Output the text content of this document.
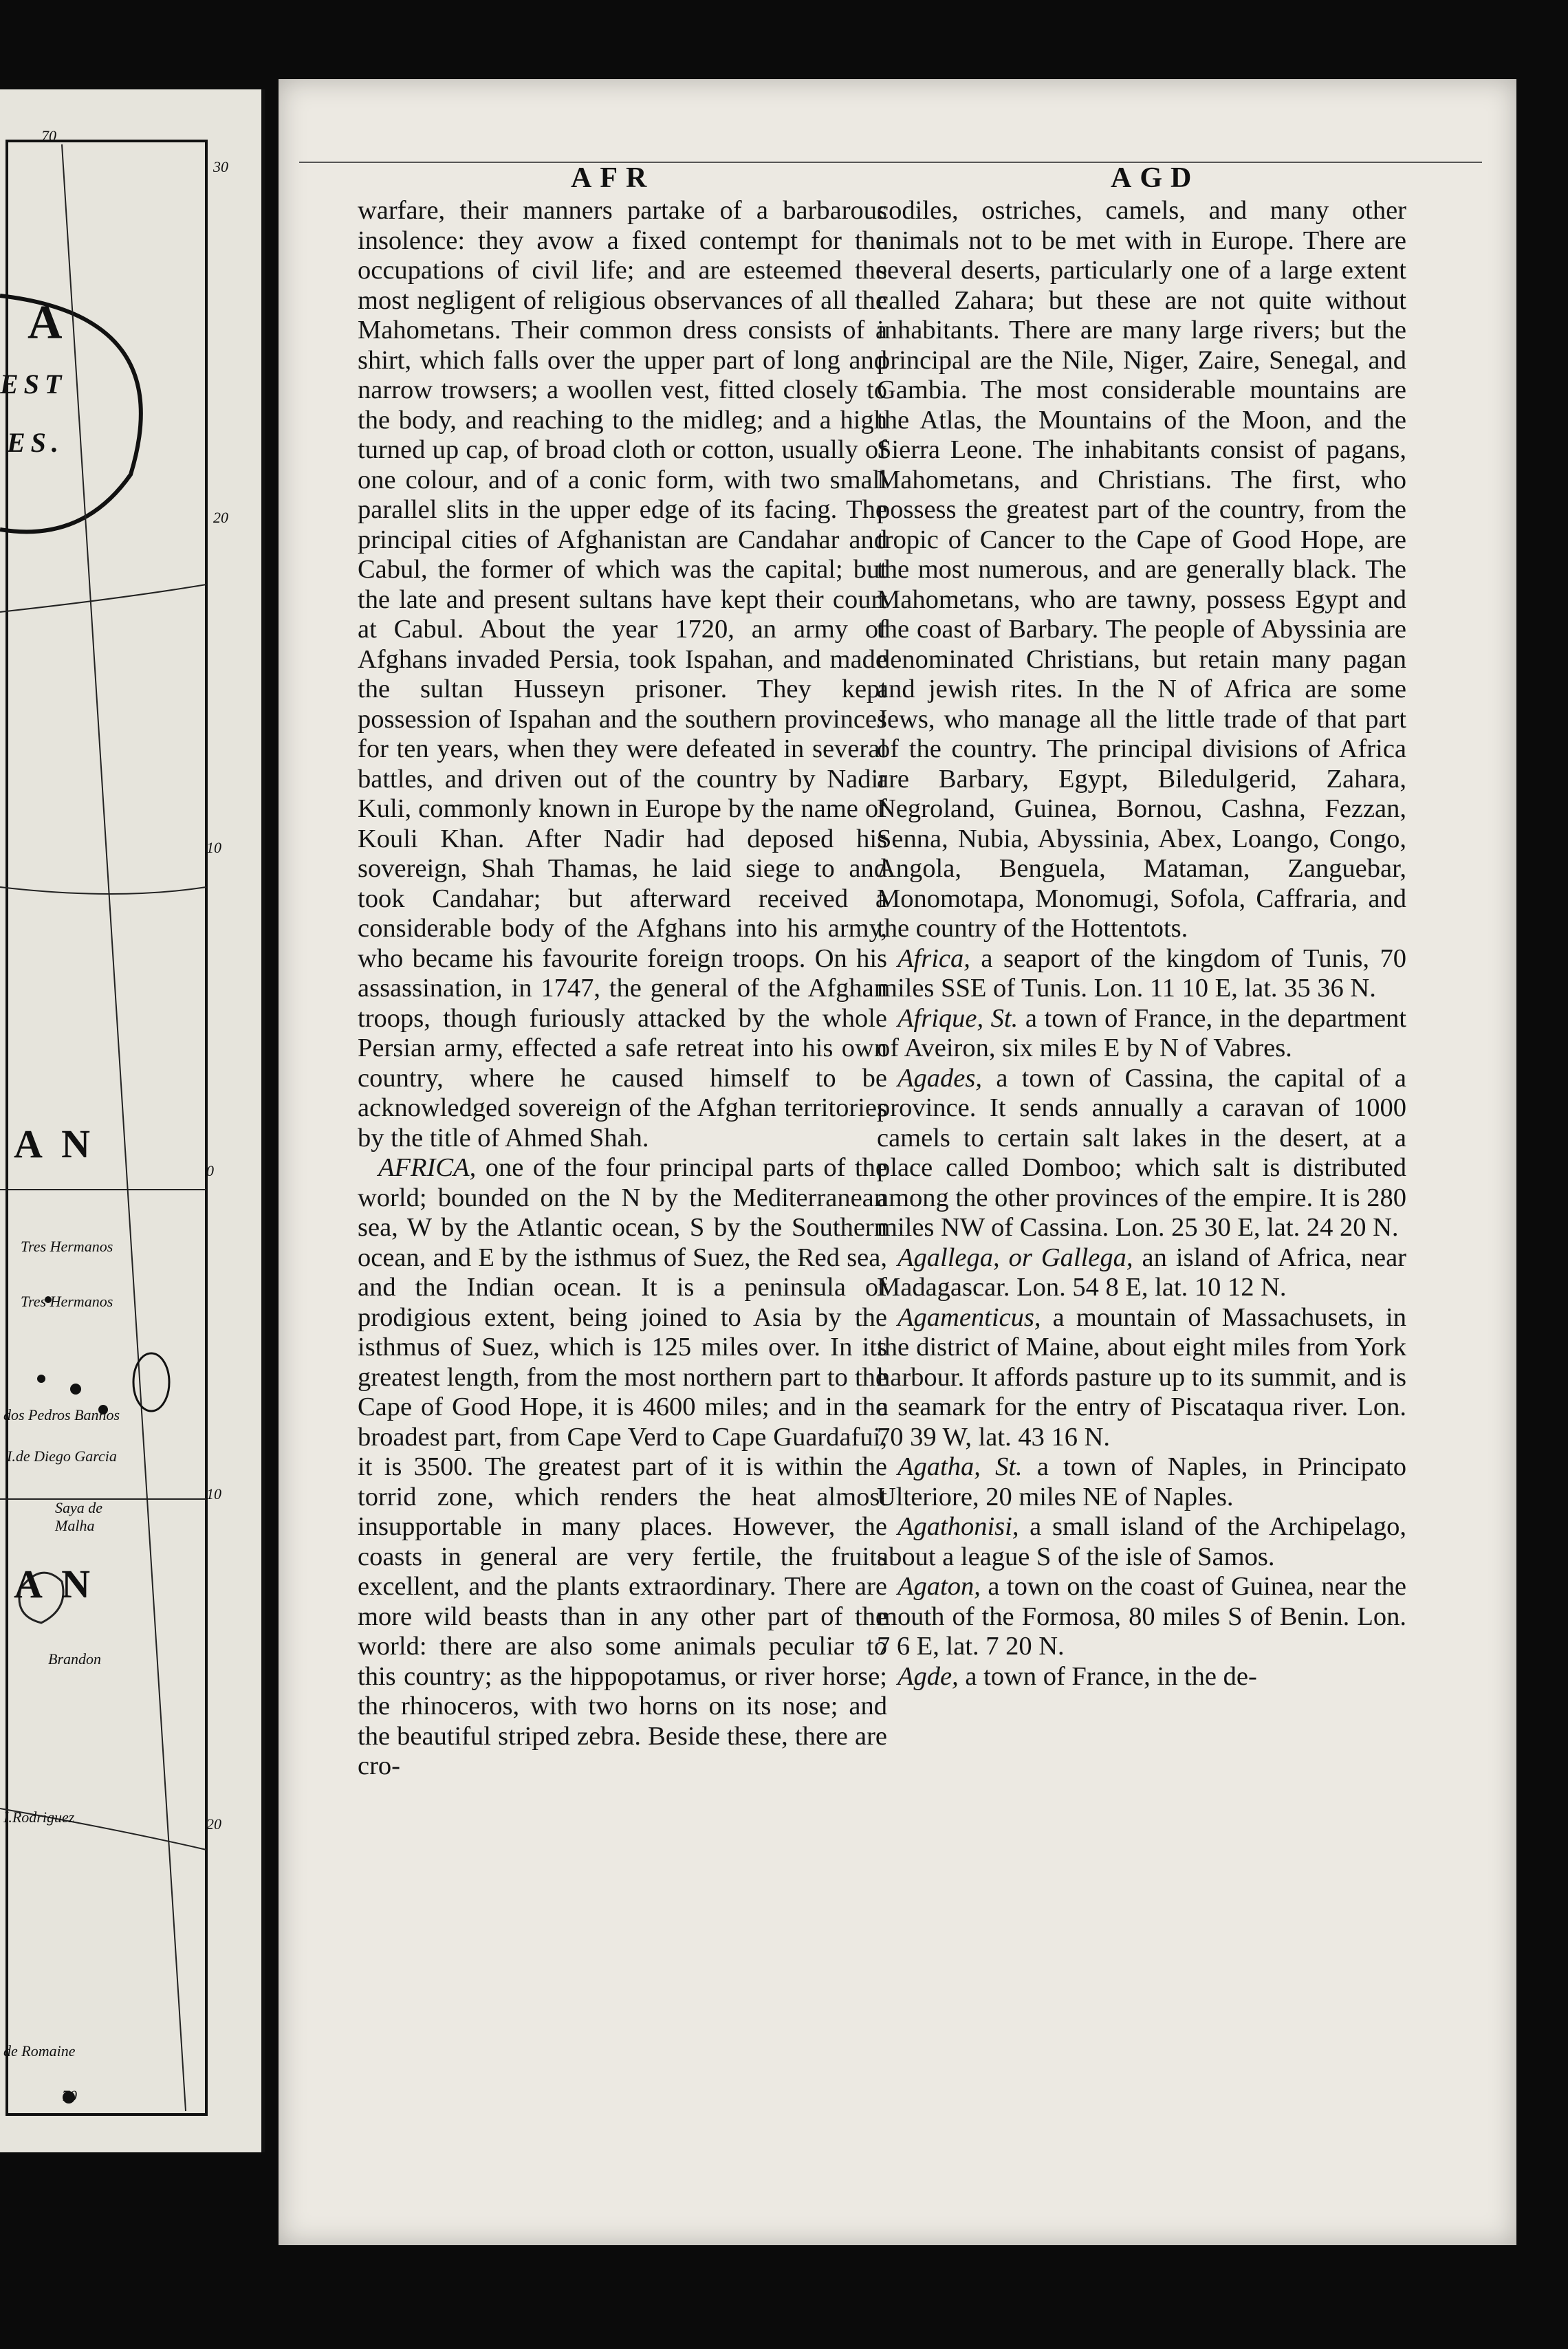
A
EST
ES.
A N
A N
Tres Hermanos
Tres Hermanos
dos Pedros Banhos
I.de Diego Garcia
Saya de Malha
Brandon
I.Rodriguez
de Romaine
70
30
20
10
0
10
20
70
AFR	AGD

warfare, their manners partake of a barbarous insolence: they avow a fixed contempt for the occupations of civil life; and are esteemed the most negligent of religious observances of all the Mahometans. Their common dress consists of a shirt, which falls over the upper part of long and narrow trowsers; a woollen vest, fitted closely to the body, and reaching to the midleg; and a high turned up cap, of broad cloth or cotton, usually of one colour, and of a conic form, with two small parallel slits in the upper edge of its facing. The principal cities of Afghanistan are Candahar and Cabul, the former of which was the capital; but the late and present sultans have kept their court at Cabul. About the year 1720, an army of Afghans invaded Persia, took Ispahan, and made the sultan Husseyn prisoner. They kept possession of Ispahan and the southern provinces for ten years, when they were defeated in several battles, and driven out of the country by Nadir Kuli, commonly known in Europe by the name of Kouli Khan. After Nadir had deposed his sovereign, Shah Thamas, he laid siege to and took Candahar; but afterward received a considerable body of the Afghans into his army, who became his favourite foreign troops. On his assassination, in 1747, the general of the Afghan troops, though furiously attacked by the whole Persian army, effected a safe retreat into his own country, where he caused himself to be acknowledged sovereign of the Afghan territories by the title of Ahmed Shah.

AFRICA, one of the four principal parts of the world; bounded on the N by the Mediterranean sea, W by the Atlantic ocean, S by the Southern ocean, and E by the isthmus of Suez, the Red sea, and the Indian ocean. It is a peninsula of prodigious extent, being joined to Asia by the isthmus of Suez, which is 125 miles over. In its greatest length, from the most northern part to the Cape of Good Hope, it is 4600 miles; and in the broadest part, from Cape Verd to Cape Guardafui, it is 3500. The greatest part of it is within the torrid zone, which renders the heat almost insupportable in many places. However, the coasts in general are very fertile, the fruits excellent, and the plants extraordinary. There are more wild beasts than in any other part of the world: there are also some animals peculiar to this country; as the hippopotamus, or river horse; the rhinoceros, with two horns on its nose; and the beautiful striped zebra. Beside these, there are cro-

codiles, ostriches, camels, and many other animals not to be met with in Europe. There are several deserts, particularly one of a large extent called Zahara; but these are not quite without inhabitants. There are many large rivers; but the principal are the Nile, Niger, Zaire, Senegal, and Gambia. The most considerable mountains are the Atlas, the Mountains of the Moon, and the Sierra Leone. The inhabitants consist of pagans, Mahometans, and Christians. The first, who possess the greatest part of the country, from the tropic of Cancer to the Cape of Good Hope, are the most numerous, and are generally black. The Mahometans, who are tawny, possess Egypt and the coast of Barbary. The people of Abyssinia are denominated Christians, but retain many pagan and jewish rites. In the N of Africa are some Jews, who manage all the little trade of that part of the country. The principal divisions of Africa are Barbary, Egypt, Biledulgerid, Zahara, Negroland, Guinea, Bornou, Cashna, Fezzan, Senna, Nubia, Abyssinia, Abex, Loango, Congo, Angola, Benguela, Mataman, Zanguebar, Monomotapa, Monomugi, Sofola, Caffraria, and the country of the Hottentots.

Africa, a seaport of the kingdom of Tunis, 70 miles SSE of Tunis. Lon. 11 10 E, lat. 35 36 N.

Afrique, St. a town of France, in the department of Aveiron, six miles E by N of Vabres.

Agades, a town of Cassina, the capital of a province. It sends annually a caravan of 1000 camels to certain salt lakes in the desert, at a place called Domboo; which salt is distributed among the other provinces of the empire. It is 280 miles NW of Cassina. Lon. 25 30 E, lat. 24 20 N.

Agallega, or Gallega, an island of Africa, near Madagascar. Lon. 54 8 E, lat. 10 12 N.

Agamenticus, a mountain of Massachusets, in the district of Maine, about eight miles from York harbour. It affords pasture up to its summit, and is a seamark for the entry of Piscataqua river. Lon. 70 39 W, lat. 43 16 N.

Agatha, St. a town of Naples, in Principato Ulteriore, 20 miles NE of Naples.

Agathonisi, a small island of the Archipelago, about a league S of the isle of Samos.

Agaton, a town on the coast of Guinea, near the mouth of the Formosa, 80 miles S of Benin. Lon. 7 6 E, lat. 7 20 N.

Agde, a town of France, in the de-
